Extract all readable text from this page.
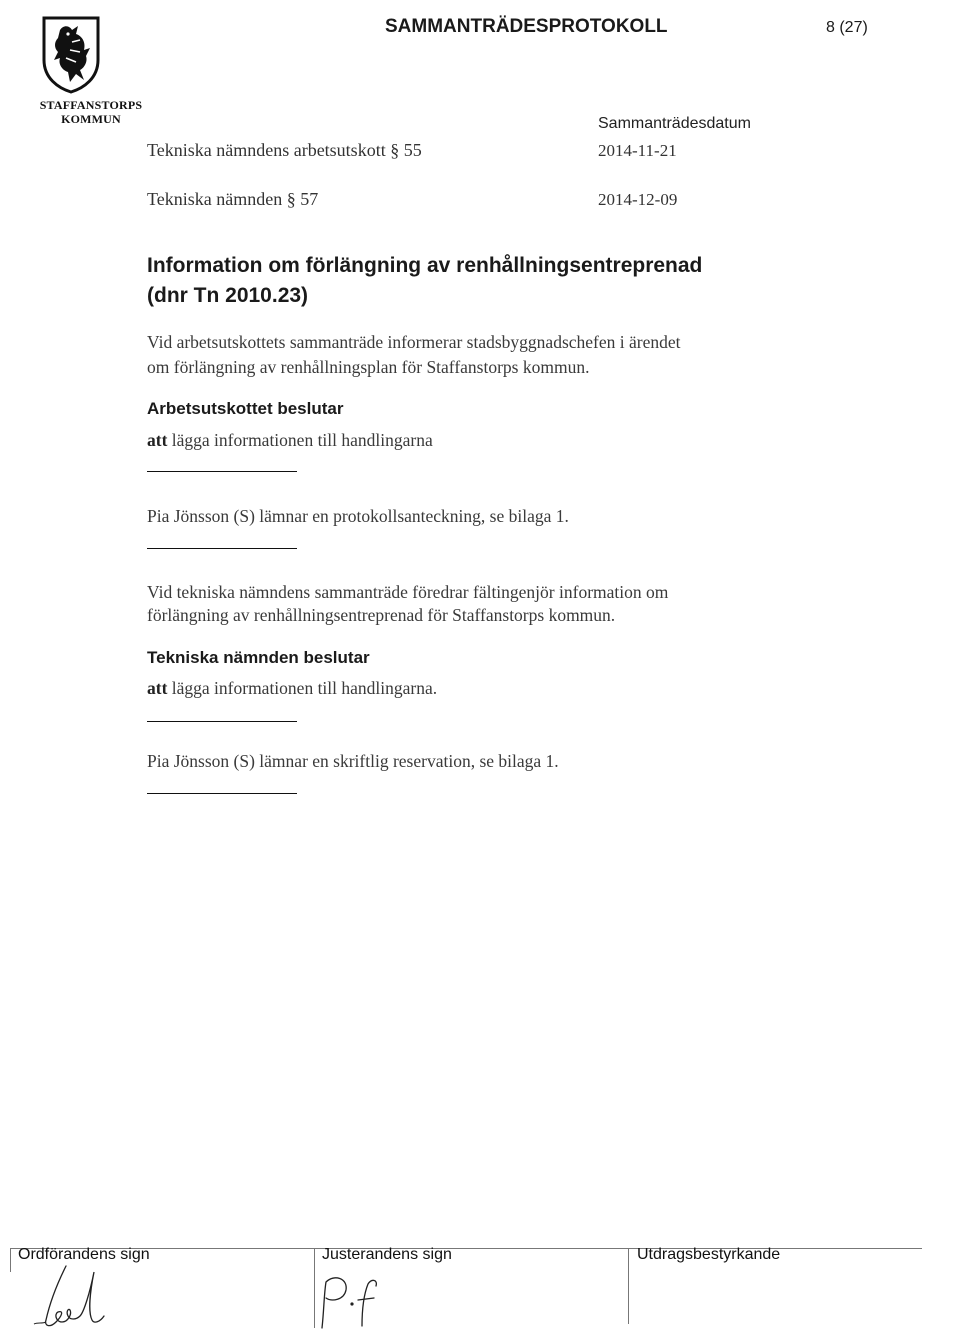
STAFFANSTORPS
KOMMUN
SAMMANTRÄDESPROTOKOLL	8 (27)
Sammanträdesdatum
Tekniska nämndens arbetsutskott § 55	2014-11-21
Tekniska nämnden § 57	2014-12-09
Information om förlängning av renhållningsentreprenad
(dnr Tn 2010.23)
Vid arbetsutskottets sammanträde informerar stadsbyggnadschefen i ärendet
om förlängning av renhållningsplan för Staffanstorps kommun.
Arbetsutskottet beslutar
att lägga informationen till handlingarna
Pia Jönsson (S) lämnar en protokollsanteckning, se bilaga 1.
Vid tekniska nämndens sammanträde föredrar fältingenjör information om
förlängning av renhållningsentreprenad för Staffanstorps kommun.
Tekniska nämnden beslutar
att lägga informationen till handlingarna.
Pia Jönsson (S) lämnar en skriftlig reservation, se bilaga 1.
Ordförandens sign	Justerandens sign	Utdragsbestyrkande
